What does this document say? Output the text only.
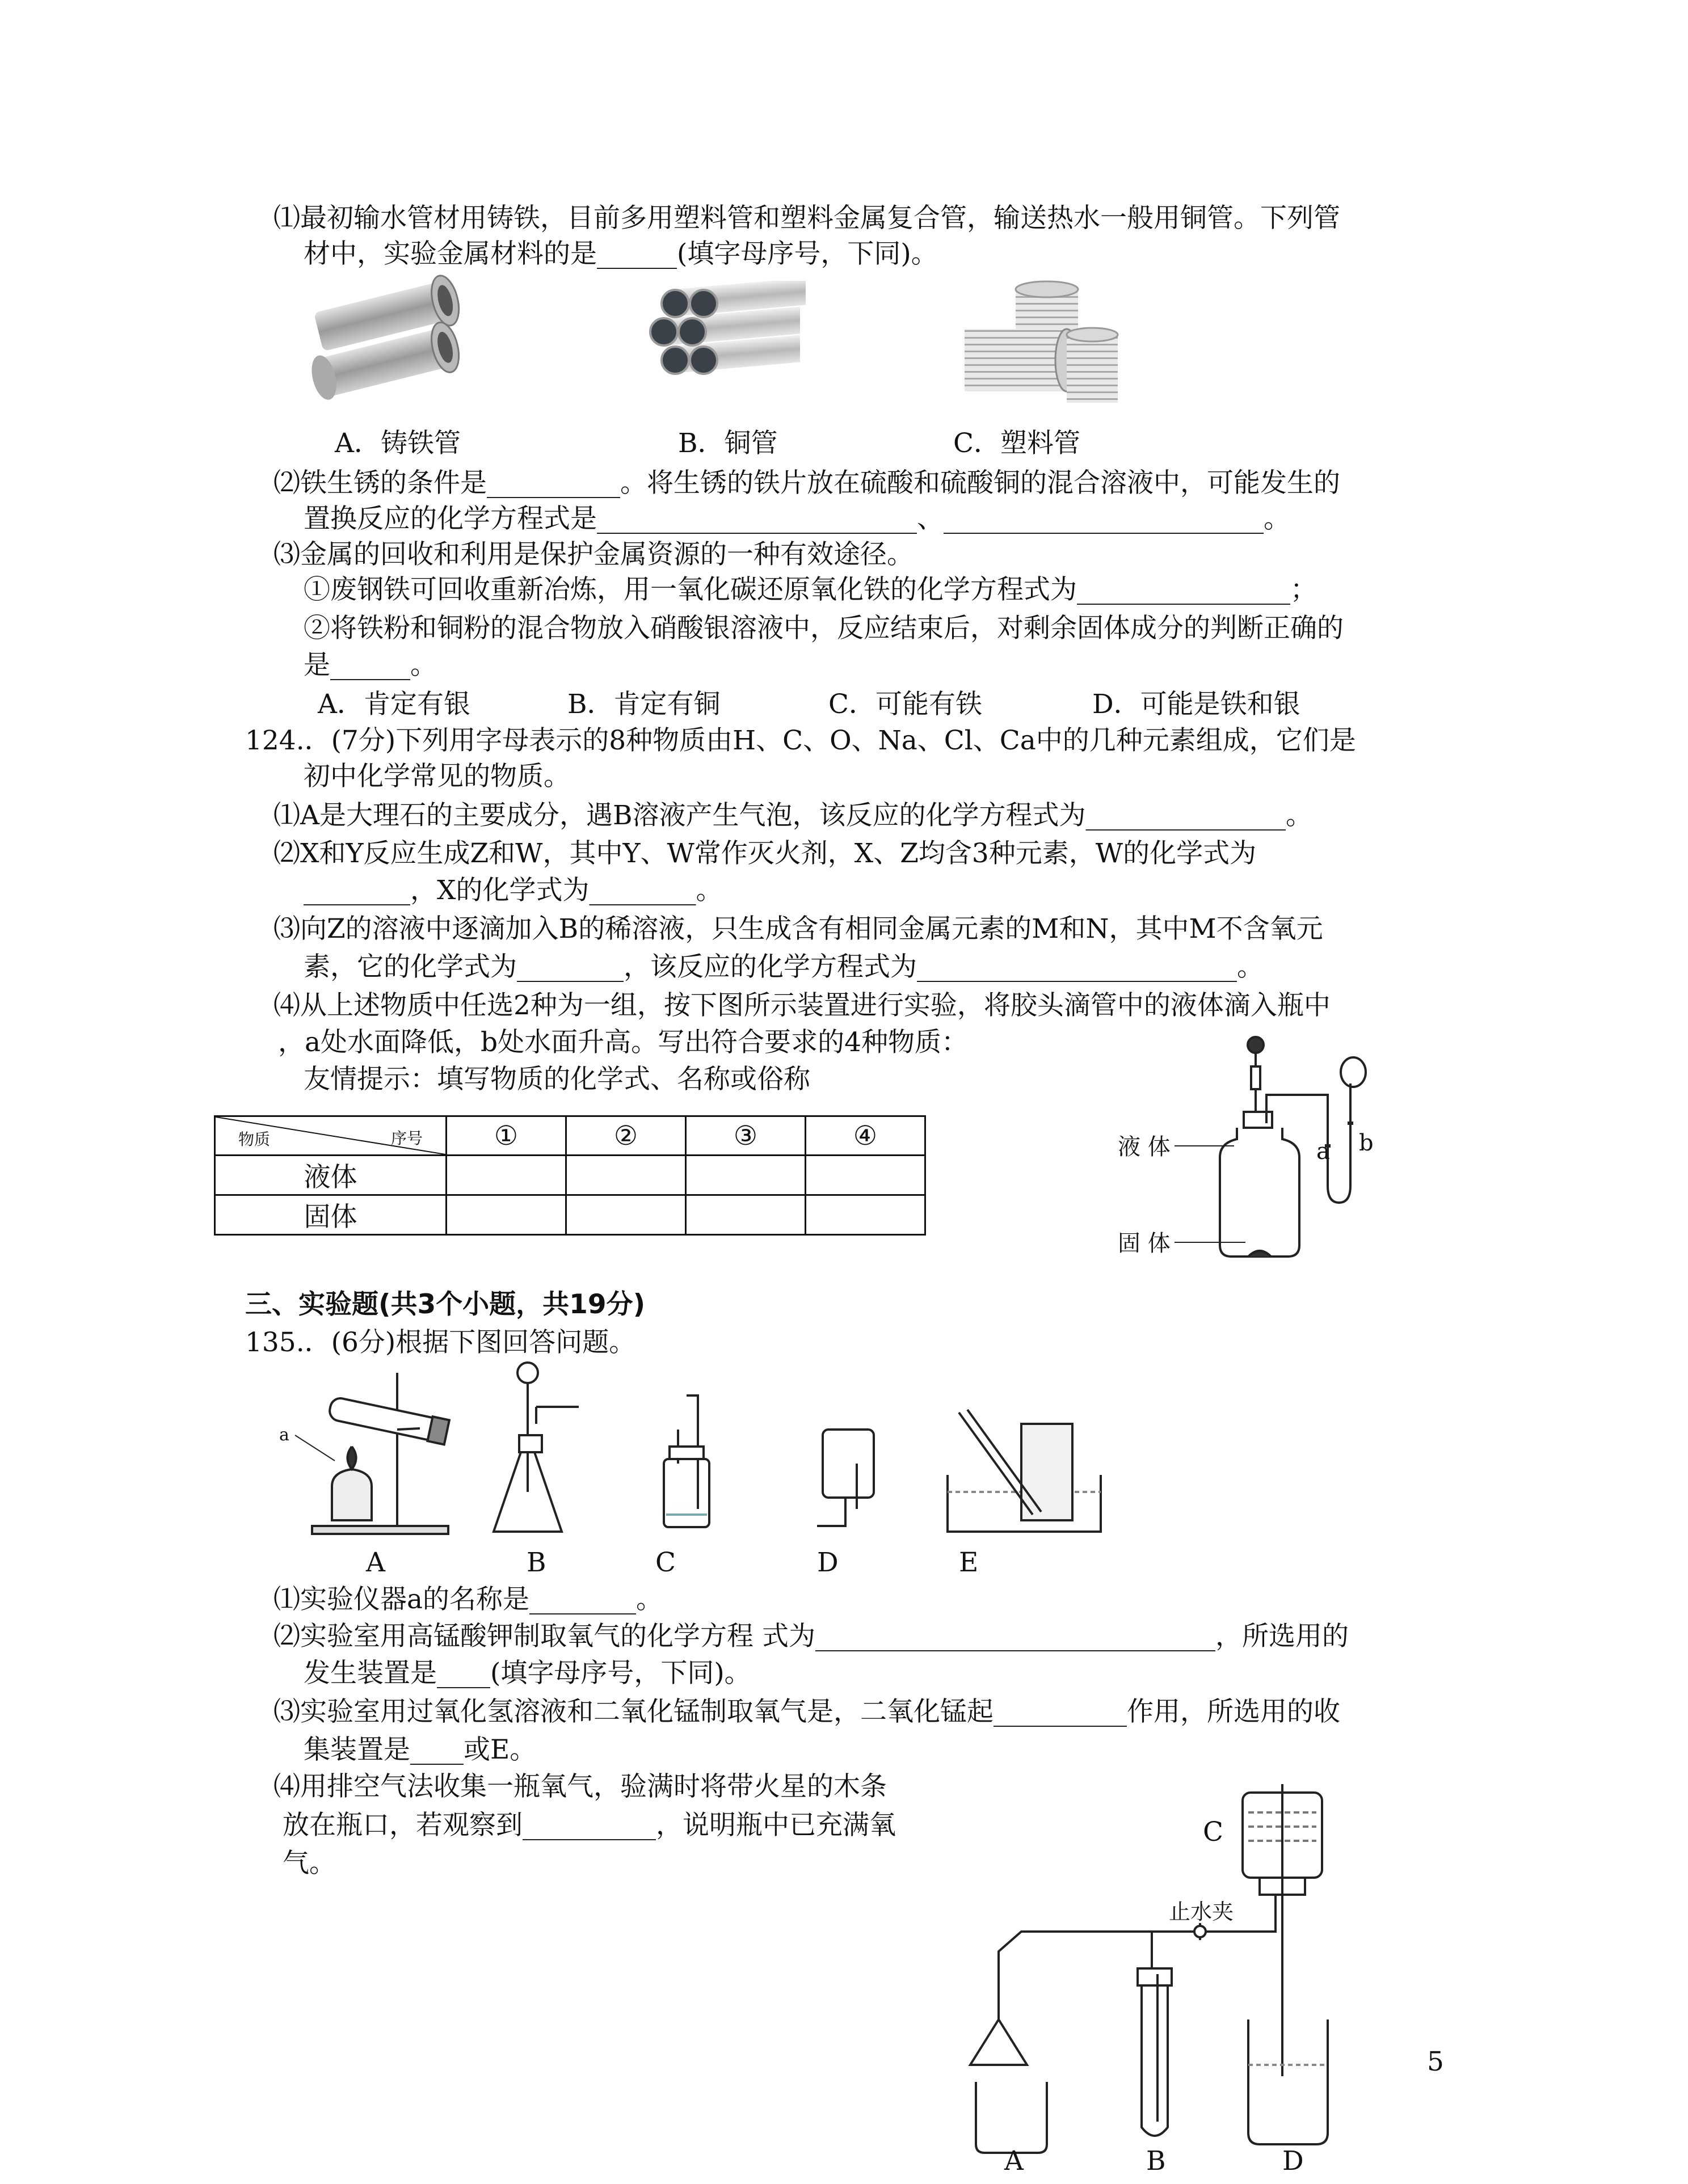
⑴最初输水管材用铸铁，目前多用塑料管和塑料金属复合管，输送热水一般用铜管。下列管
材中，实验金属材料的是______(填字母序号，下同)。
A．铸铁管	B．铜管	C．塑料管
⑵铁生锈的条件是__________。将生锈的铁片放在硫酸和硫酸铜的混合溶液中，可能发生的
置换反应的化学方程式是________________________、________________________。
⑶金属的回收和利用是保护金属资源的一种有效途径。
①废钢铁可回收重新冶炼，用一氧化碳还原氧化铁的化学方程式为________________；
②将铁粉和铜粉的混合物放入硝酸银溶液中，反应结束后，对剩余固体成分的判断正确的
是______。
A．肯定有银	B．肯定有铜	C．可能有铁	D．可能是铁和银
124.．(7分)下列用字母表示的8种物质由H、C、O、Na、Cl、Ca中的几种元素组成，它们是
初中化学常见的物质。
⑴A是大理石的主要成分，遇B溶液产生气泡，该反应的化学方程式为_______________。
⑵X和Y反应生成Z和W，其中Y、W常作灭火剂，X、Z均含3种元素，W的化学式为
________，X的化学式为________。
⑶向Z的溶液中逐滴加入B的稀溶液，只生成含有相同金属元素的M和N，其中M不含氧元
素，它的化学式为________，该反应的化学方程式为________________________。
⑷从上述物质中任选2种为一组，按下图所示装置进行实验，将胶头滴管中的液体滴入瓶中
，a处水面降低，b处水面升高。写出符合要求的4种物质：
友情提示：填写物质的化学式、名称或俗称
物质 序号	①	②	③	④
液体				
固体				
a b
液 体
固 体
三、实验题(共3个小题，共19分)
135.．(6分)根据下图回答问题。
A	B	C	D	E
a
⑴实验仪器a的名称是________。
⑵实验室用高锰酸钾制取氧气的化学方程 式为______________________________，所选用的
发生装置是____(填字母序号，下同)。
⑶实验室用过氧化氢溶液和二氧化锰制取氧气是，二氧化锰起__________作用，所选用的收
集装置是____或E。
⑷用排空气法收集一瓶氧气，验满时将带火星的木条
放在瓶口，若观察到__________，说明瓶中已充满氧
气。
C
止水夹
A	B	D
5
